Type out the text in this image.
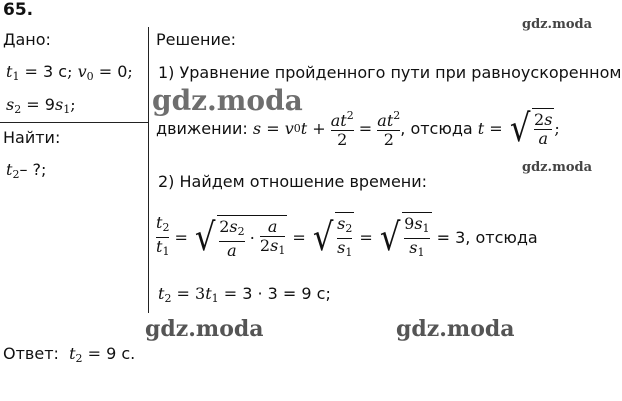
65.
Дано:
$t_1 = 3$ с; $v_0 = 0$;
$s_2 = 9s_1$;
Найти:
$t_2-$ ?;
Решение:
1) Уравнение пройденного пути при равноускоренном
движении:
s = v 0 $t + \frac{at^2}{2} = \frac{at^2}{2}$ , отсюда
t = √ $\frac{2s}{a}$ ;
2) Найдем отношение времени:
$\frac{t_2}{t_1}$ = √ $\frac{2s_2}{a} \cdot \frac{a}{2s_1}$ = √ $\frac{s_2}{s_1}$ = √ $\frac{9s_1}{s_1}$
= 3, отсюда
$t_2 = 3t_1 = 3 \cdot 3 = 9$ с;
Ответ: $t_2 = 9$ с.
gdz.moda
gdz.moda
gdz.moda
gdz.moda	gdz.moda
